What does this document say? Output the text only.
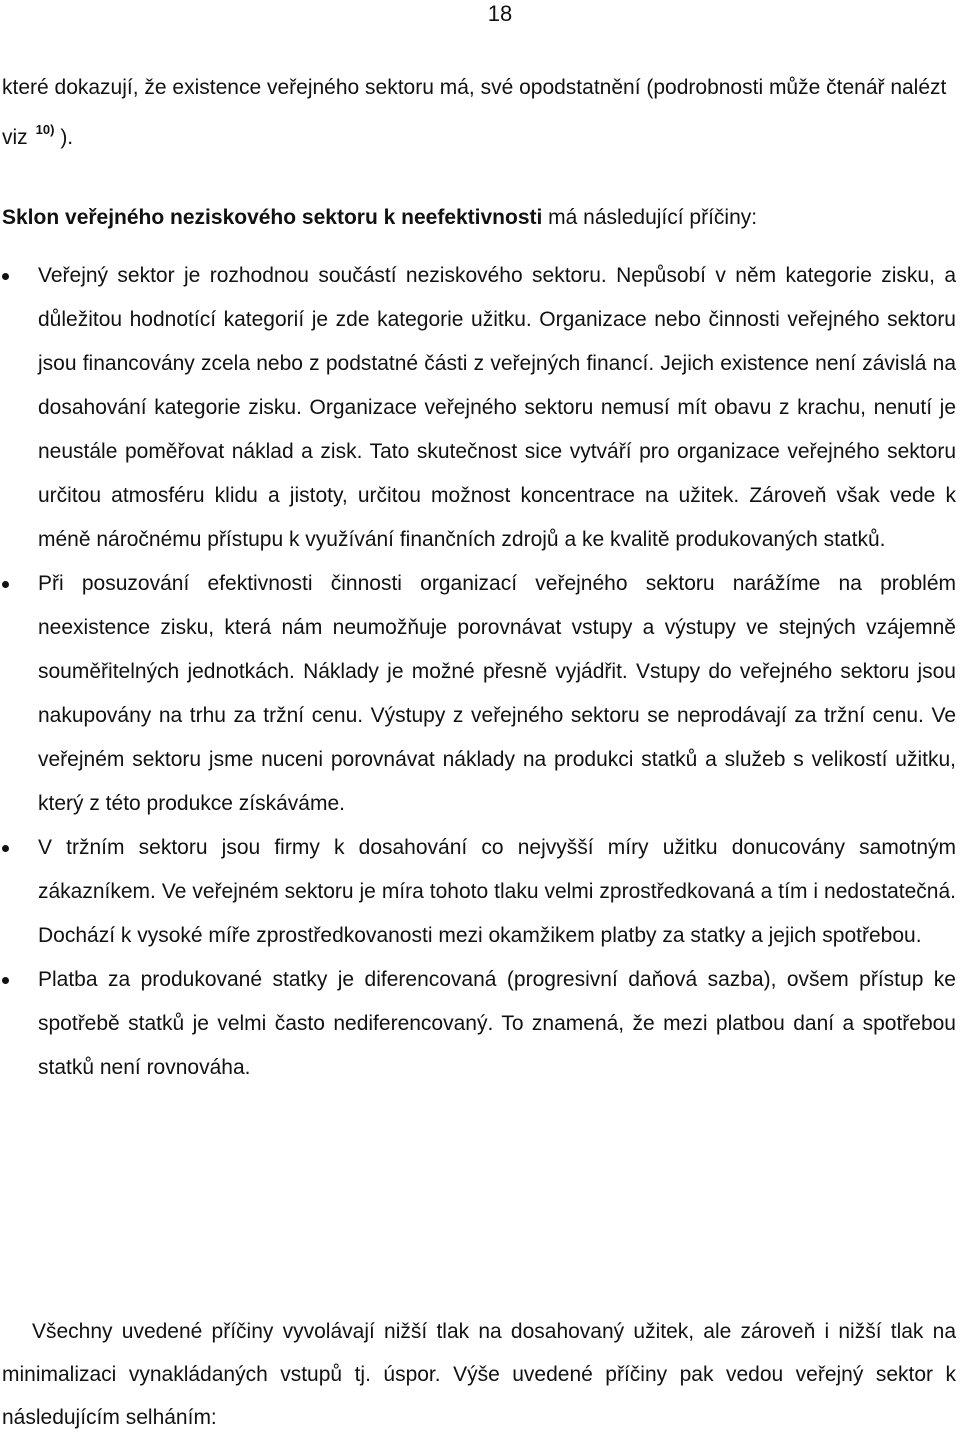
18

které dokazují, že existence veřejného sektoru má, své opodstatnění (podrobnosti může čtenář nalézt viz $^{10)}$ ).

Sklon veřejného neziskového sektoru k neefektivnosti má následující příčiny:

Veřejný sektor je rozhodnou součástí neziskového sektoru. Nepůsobí v něm kategorie zisku, a důležitou hodnotící kategorií je zde kategorie užitku. Organizace nebo činnosti veřejného sektoru jsou financovány zcela nebo z podstatné části z veřejných financí. Jejich existence není závislá na dosahování kategorie zisku. Organizace veřejného sektoru nemusí mít obavu z krachu, nenutí je neustále poměřovat náklad a zisk. Tato skutečnost sice vytváří pro organizace veřejného sektoru určitou atmosféru klidu a jistoty, určitou možnost koncentrace na užitek. Zároveň však vede k méně náročnému přístupu k využívání finančních zdrojů a ke kvalitě produkovaných statků.
Při posuzování efektivnosti činnosti organizací veřejného sektoru narážíme na problém neexistence zisku, která nám neumožňuje porovnávat vstupy a výstupy ve stejných vzájemně souměřitelných jednotkách. Náklady je možné přesně vyjádřit. Vstupy do veřejného sektoru jsou nakupovány na trhu za tržní cenu. Výstupy z veřejného sektoru se neprodávají za tržní cenu. Ve veřejném sektoru jsme nuceni porovnávat náklady na produkci statků a služeb s velikostí užitku, který z této produkce získáváme.
V tržním sektoru jsou firmy k dosahování co nejvyšší míry užitku donucovány samotným zákazníkem. Ve veřejném sektoru je míra tohoto tlaku velmi zprostředkovaná a tím i nedostatečná. Dochází k vysoké míře zprostředkovanosti mezi okamžikem platby za statky a jejich spotřebou.
Platba za produkované statky je diferencovaná (progresivní daňová sazba), ovšem přístup ke spotřebě statků je velmi často nediferencovaný. To znamená, že mezi platbou daní a spotřebou statků není rovnováha.

Všechny uvedené příčiny vyvolávají nižší tlak na dosahovaný užitek, ale zároveň i nižší tlak na minimalizaci vynakládaných vstupů tj. úspor. Výše uvedené příčiny pak vedou veřejný sektor k následujícím selháním:
